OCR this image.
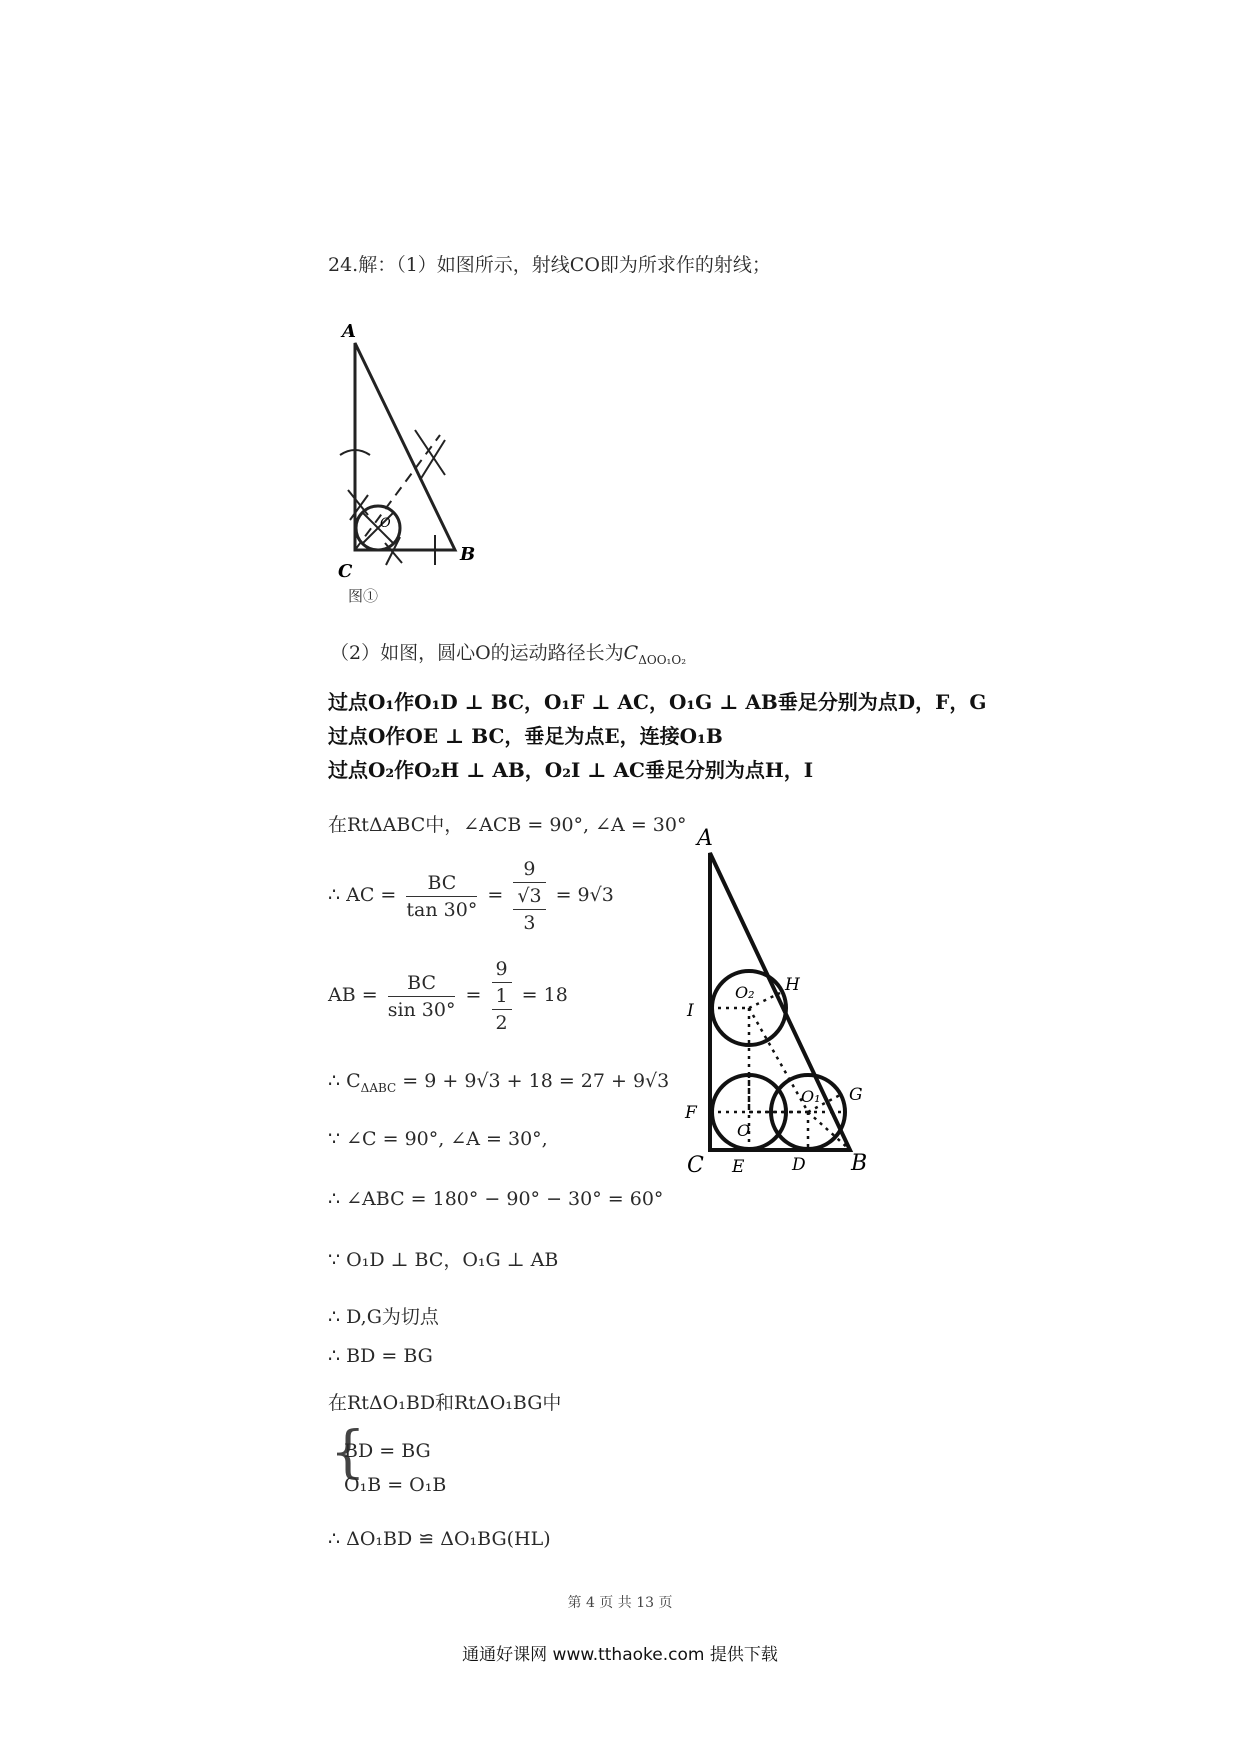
24.解：（1）如图所示，射线CO即为所求作的射线；
A
C
B
O
图①
（2）如图，圆心O的运动路径长为$C_{\Delta OO_1O_2}$
过点O₁作O₁D ⊥ BC，O₁F ⊥ AC，O₁G ⊥ AB垂足分别为点D，F，G
过点O作OE ⊥ BC，垂足为点E，连接O₁B
过点O₂作O₂H ⊥ AB，O₂I ⊥ AC垂足分别为点H，I
在RtΔABC中，∠ACB = 90°, ∠A = 30°
∴ AC = $\frac{BC}{\tan 30^\circ} = \frac{9}{\frac{√3}{3}} = 9√3$
AB = $\frac{BC}{\sin 30^\circ} = \frac{9}{\frac{1}{2}} = 18$
∴ $C_{\Delta ABC} = 9 + 9√3 + 18 = 27 + 9√3$
∵ ∠C = 90°, ∠A = 30°,
∴ ∠ABC = 180° − 90° − 30° = 60°
∵ O₁D ⊥ BC，O₁G ⊥ AB
∴ D,G为切点
∴ BD = BG
在RtΔO₁BD和RtΔO₁BG中
{
BD = BG
O₁B = O₁B
∴ ΔO₁BD ≌ ΔO₁BG(HL)
A
H
I
O₂
G
F
O
O₁
C E	D B
第 4 页 共 13 页
通通好课网 www.tthaoke.com 提供下载
